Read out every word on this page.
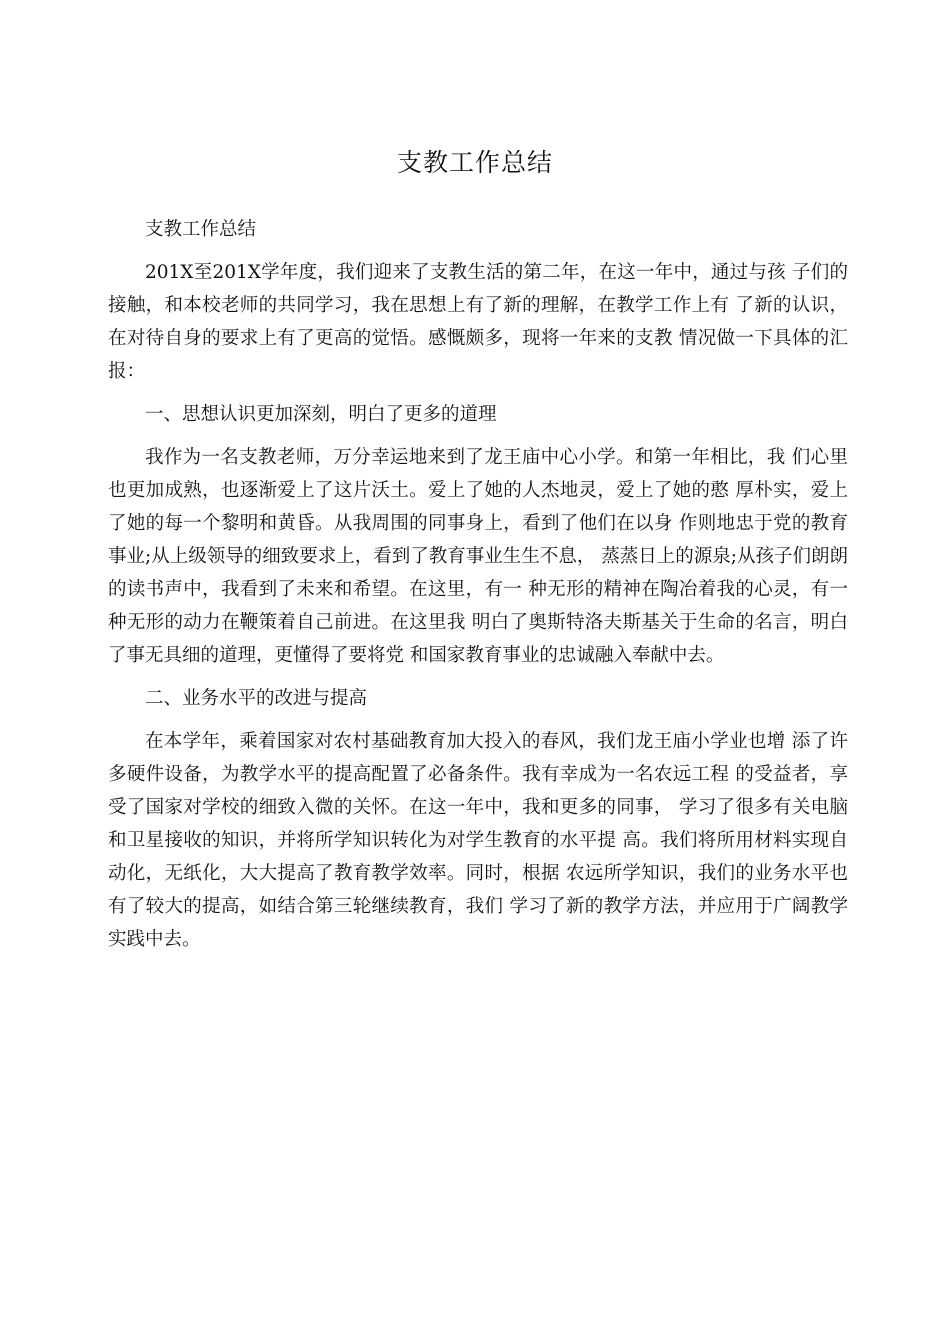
支教工作总结

支教工作总结

201X至201X学年度，我们迎来了支教生活的第二年，在这一年中，通过与孩 子们的接触，和本校老师的共同学习，我在思想上有了新的理解，在教学工作上有 了新的认识，在对待自身的要求上有了更高的觉悟。感慨颇多，现将一年来的支教 情况做一下具体的汇报：

一、思想认识更加深刻，明白了更多的道理

我作为一名支教老师，万分幸运地来到了龙王庙中心小学。和第一年相比，我 们心里也更加成熟，也逐渐爱上了这片沃土。爱上了她的人杰地灵，爱上了她的憨 厚朴实，爱上了她的每一个黎明和黄昏。从我周围的同事身上，看到了他们在以身 作则地忠于党的教育事业;从上级领导的细致要求上，看到了教育事业生生不息， 蒸蒸日上的源泉;从孩子们朗朗的读书声中，我看到了未来和希望。在这里，有一 种无形的精神在陶冶着我的心灵，有一种无形的动力在鞭策着自己前进。在这里我 明白了奥斯特洛夫斯基关于生命的名言，明白了事无具细的道理，更懂得了要将党 和国家教育事业的忠诚融入奉献中去。

二、业务水平的改进与提高

在本学年，乘着国家对农村基础教育加大投入的春风，我们龙王庙小学业也增 添了许多硬件设备，为教学水平的提高配置了必备条件。我有幸成为一名农远工程 的受益者，享受了国家对学校的细致入微的关怀。在这一年中，我和更多的同事， 学习了很多有关电脑和卫星接收的知识，并将所学知识转化为对学生教育的水平提 高。我们将所用材料实现自动化，无纸化，大大提高了教育教学效率。同时，根据 农远所学知识，我们的业务水平也有了较大的提高，如结合第三轮继续教育，我们 学习了新的教学方法，并应用于广阔教学实践中去。
